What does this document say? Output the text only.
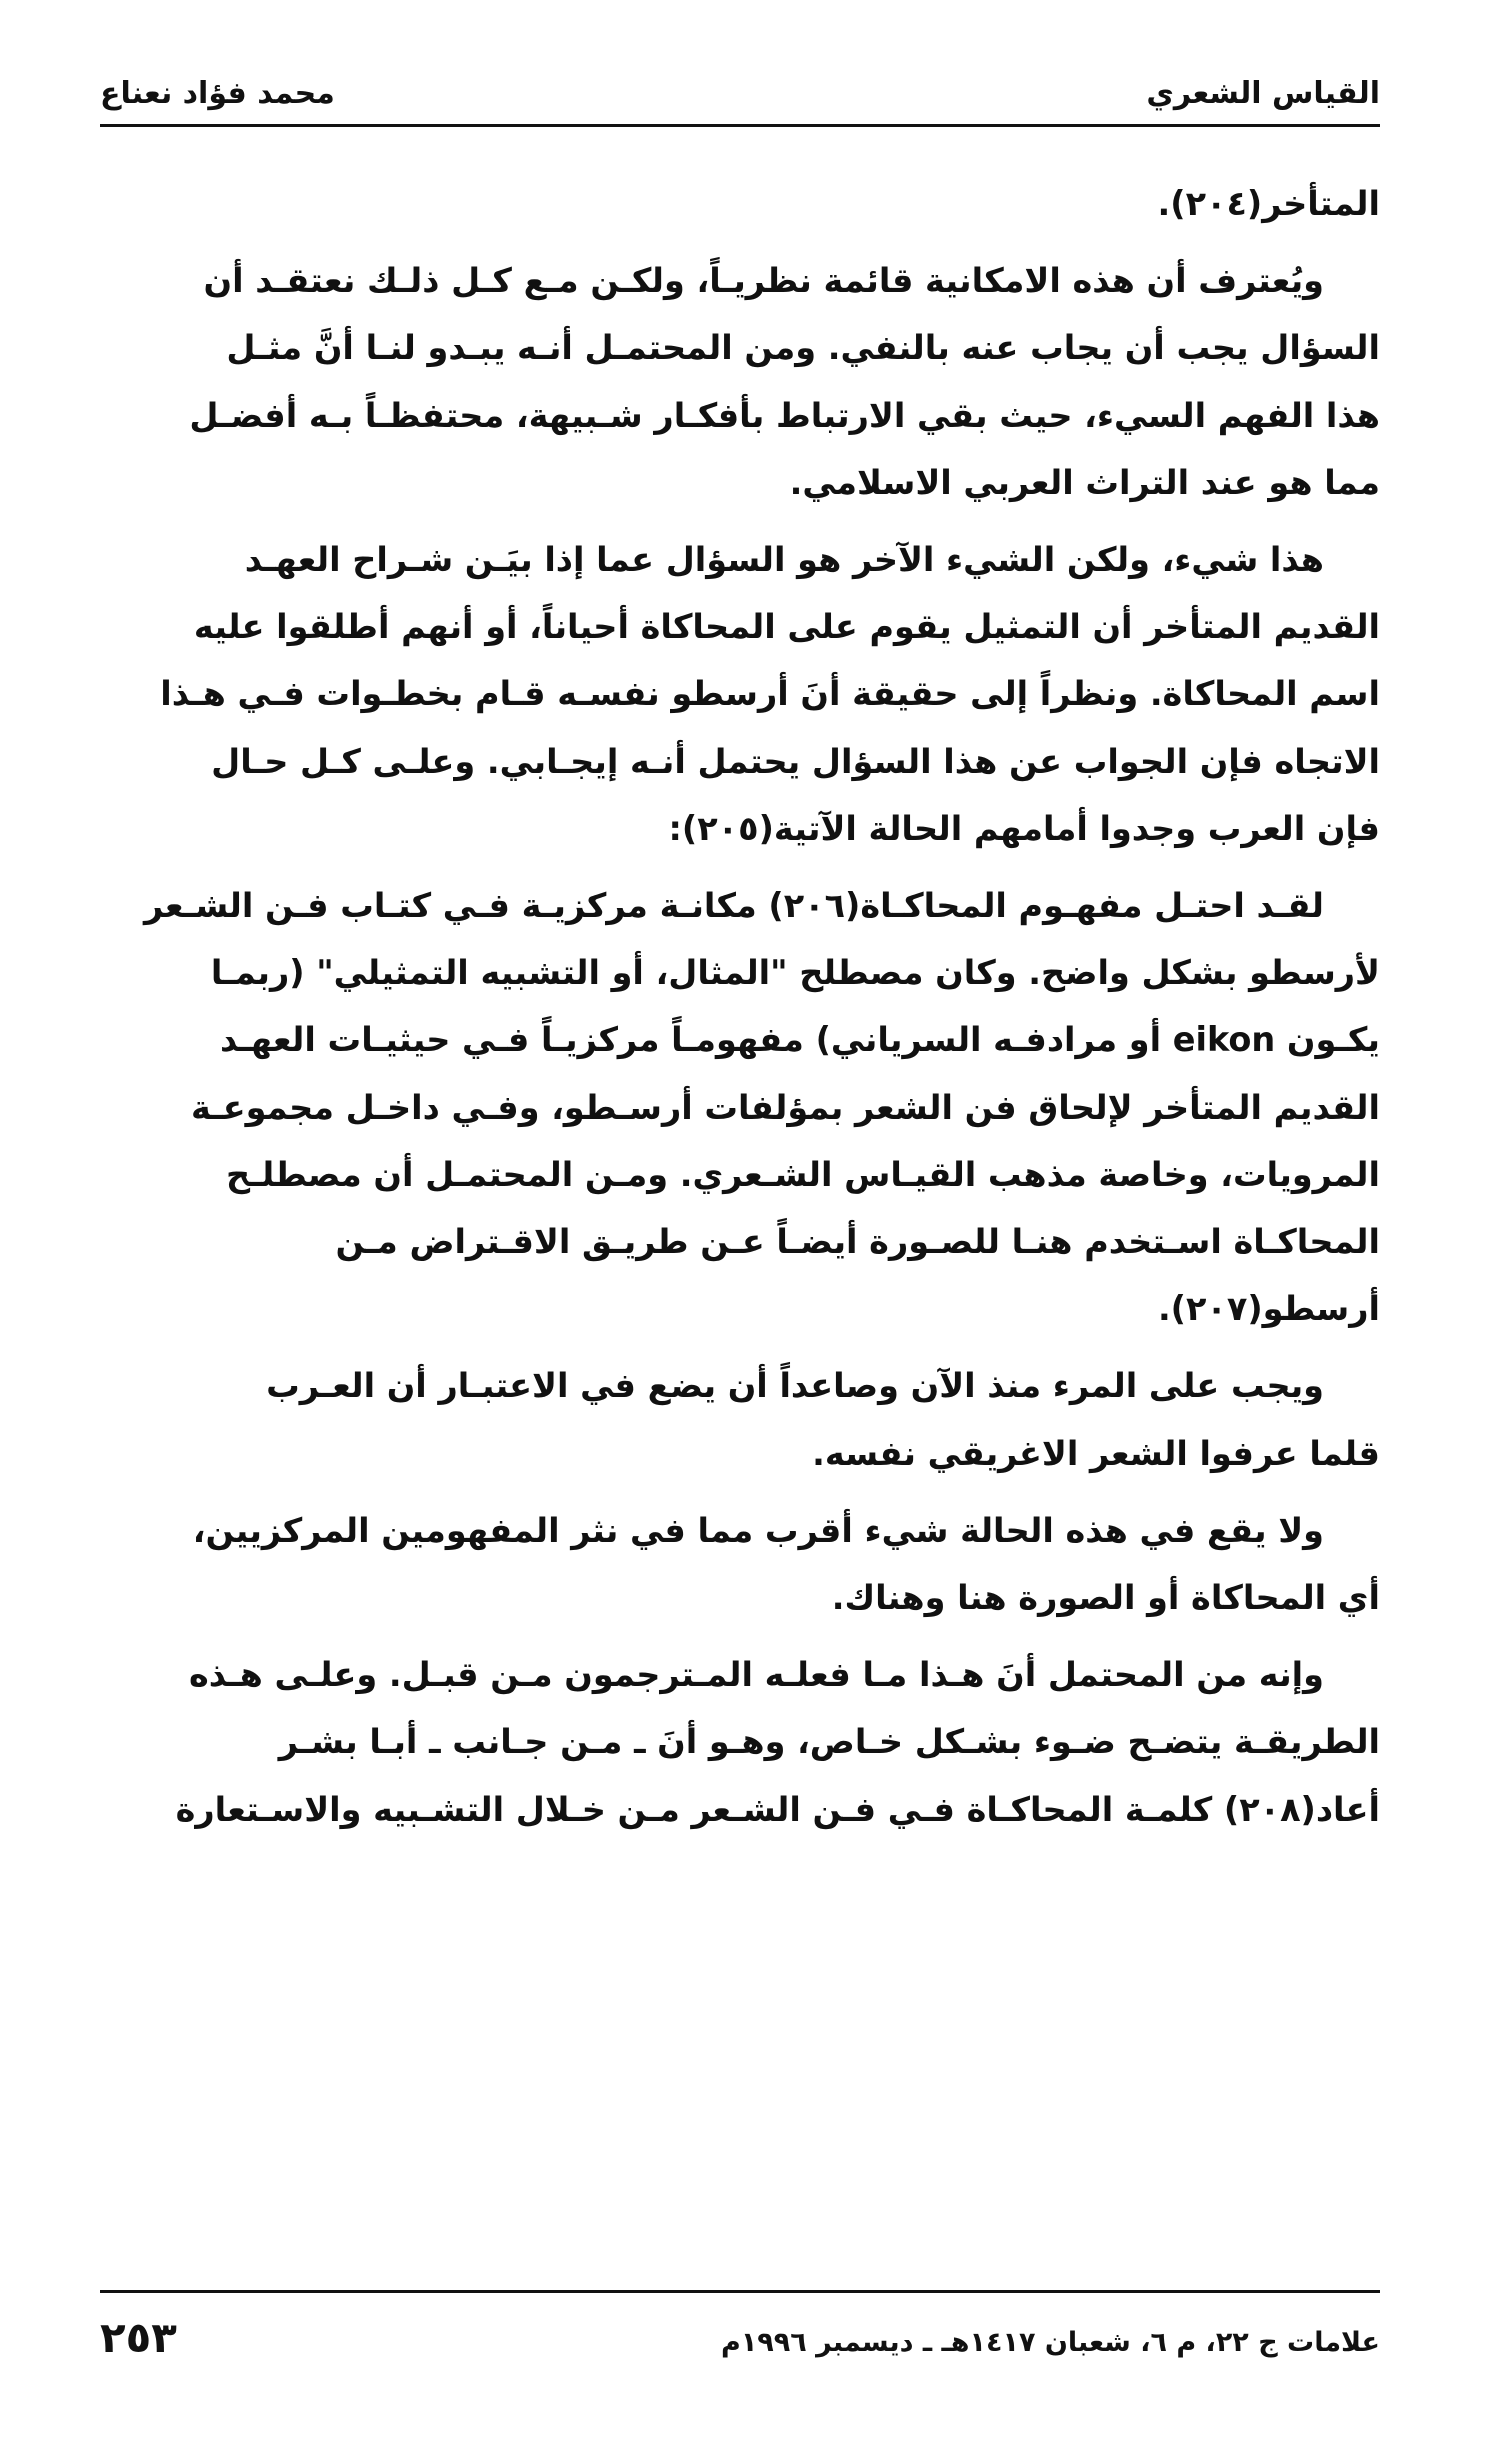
القياس الشعري
محمد فؤاد نعناع

المتأخر(٢٠٤).

ويُعترف أن هذه الامكانية قائمة نظريـاً، ولكـن مـع كـل ذلـك نعتقـد أن
السؤال يجب أن يجاب عنه بالنفي. ومن المحتمـل أنـه يبـدو لنـا أنَّ مثـل
هذا الفهم السيء، حيث بقي الارتباط بأفكـار شـبيهة، محتفظـاً بـه أفضـل
مما هو عند التراث العربي الاسلامي.

هذا شيء، ولكن الشيء الآخر هو السؤال عما إذا بيَـن شـراح العهـد
القديم المتأخر أن التمثيل يقوم على المحاكاة أحياناً، أو أنهم أطلقوا عليه
اسم المحاكاة. ونظراً إلى حقيقة أنَ أرسطو نفسـه قـام بخطـوات فـي هـذا
الاتجاه فإن الجواب عن هذا السؤال يحتمل أنـه إيجـابي. وعلـى كـل حـال
فإن العرب وجدوا أمامهم الحالة الآتية(٢٠٥):

لقـد احتـل مفهـوم المحاكـاة(٢٠٦) مكانـة مركزيـة فـي كتـاب فـن الشـعر
لأرسطو بشكل واضح. وكان مصطلح "المثال، أو التشبيه التمثيلي" (ربمـا
يكـون eikon أو مرادفـه السرياني) مفهومـاً مركزيـاً فـي حيثيـات العهـد
القديم المتأخر لإلحاق فن الشعر بمؤلفات أرسـطو، وفـي داخـل مجموعـة
المرويات، وخاصة مذهب القيـاس الشـعري. ومـن المحتمـل أن مصطلـح
المحاكـاة اسـتخدم هنـا للصـورة أيضـاً عـن طريـق الاقـتراض مـن
أرسطو(٢٠٧).

ويجب على المرء منذ الآن وصاعداً أن يضع في الاعتبـار أن العـرب
قلما عرفوا الشعر الاغريقي نفسه.

ولا يقع في هذه الحالة شيء أقرب مما في نثر المفهومين المركزيين،
أي المحاكاة أو الصورة هنا وهناك.

وإنه من المحتمل أنَ هـذا مـا فعلـه المـترجمون مـن قبـل. وعلـى هـذه
الطريقـة يتضـح ضـوء بشـكل خـاص، وهـو أنَ ـ مـن جـانب ـ أبـا بشـر
أعاد(٢٠٨) كلمـة المحاكـاة فـي فـن الشـعر مـن خـلال التشـبيه والاسـتعارة

علامات ج ٢٢، م ٦، شعبان ١٤١٧هـ ـ ديسمبر ١٩٩٦م
٢٥٣
